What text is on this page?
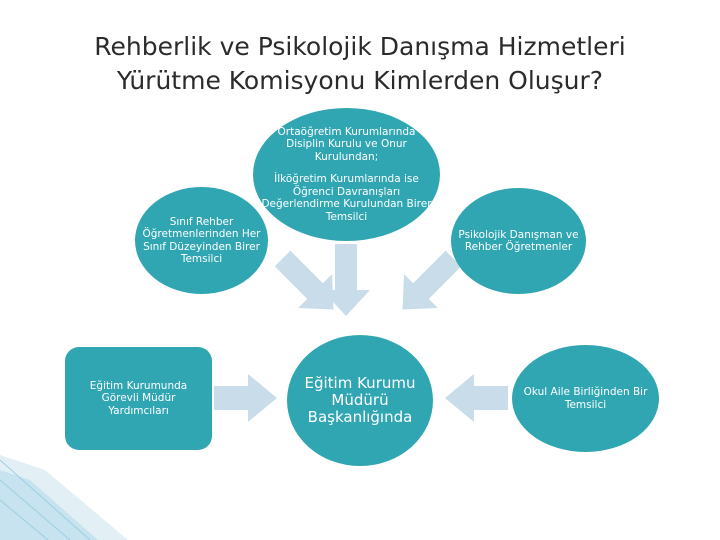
Rehberlik ve Psikolojik Danışma Hizmetleri
Yürütme Komisyonu Kimlerden Oluşur?
Ortaöğretim Kurumlarında Disiplin Kurulu ve Onur Kurulundan;
İlköğretim Kurumlarında ise Öğrenci Davranışları Değerlendirme Kurulundan Birer Temsilci
Sınıf Rehber Öğretmenlerinden Her Sınıf Düzeyinden Birer Temsilci
Psikolojik Danışman ve Rehber Öğretmenler
Eğitim Kurumunda Görevli Müdür Yardımcıları
Eğitim Kurumu Müdürü Başkanlığında
Okul Aile Birliğinden Bir Temsilci
